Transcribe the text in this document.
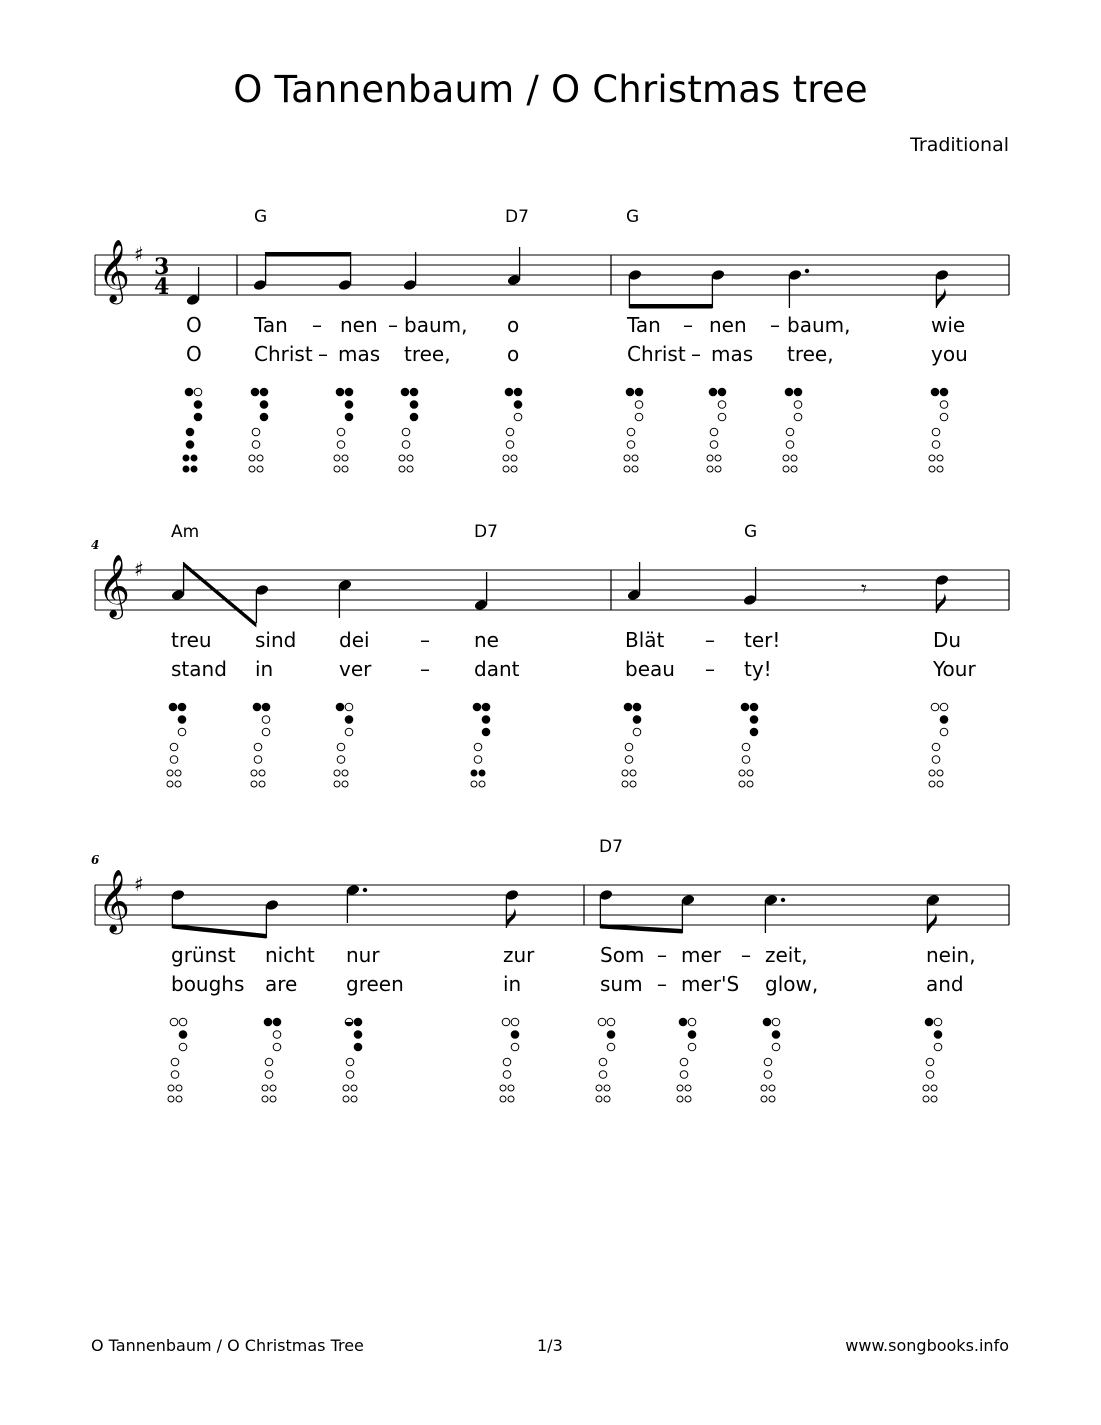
O Tannenbaum / O Christmas tree
Traditional
G	D7	G
O	Tan – nen – baum, o	Tan – nen – baum,	wie
O	Christ – mas tree,	o	Christ – mas tree,	you
4
Am	D7	G
treu sind dei	– ne	Blät – ter!	Du
stand in	ver – dant	beau – ty!	Your
6
D7
grünst nicht nur	zur	Som – mer – zeit,	nein,
boughs are green	in	sum – mer'S glow,	and
O Tannenbaum / O Christmas Tree	1/3	www.songbooks.info
𝄞 ♯ 3
4
𝄞 ♯
𝄾
𝄞 ♯
